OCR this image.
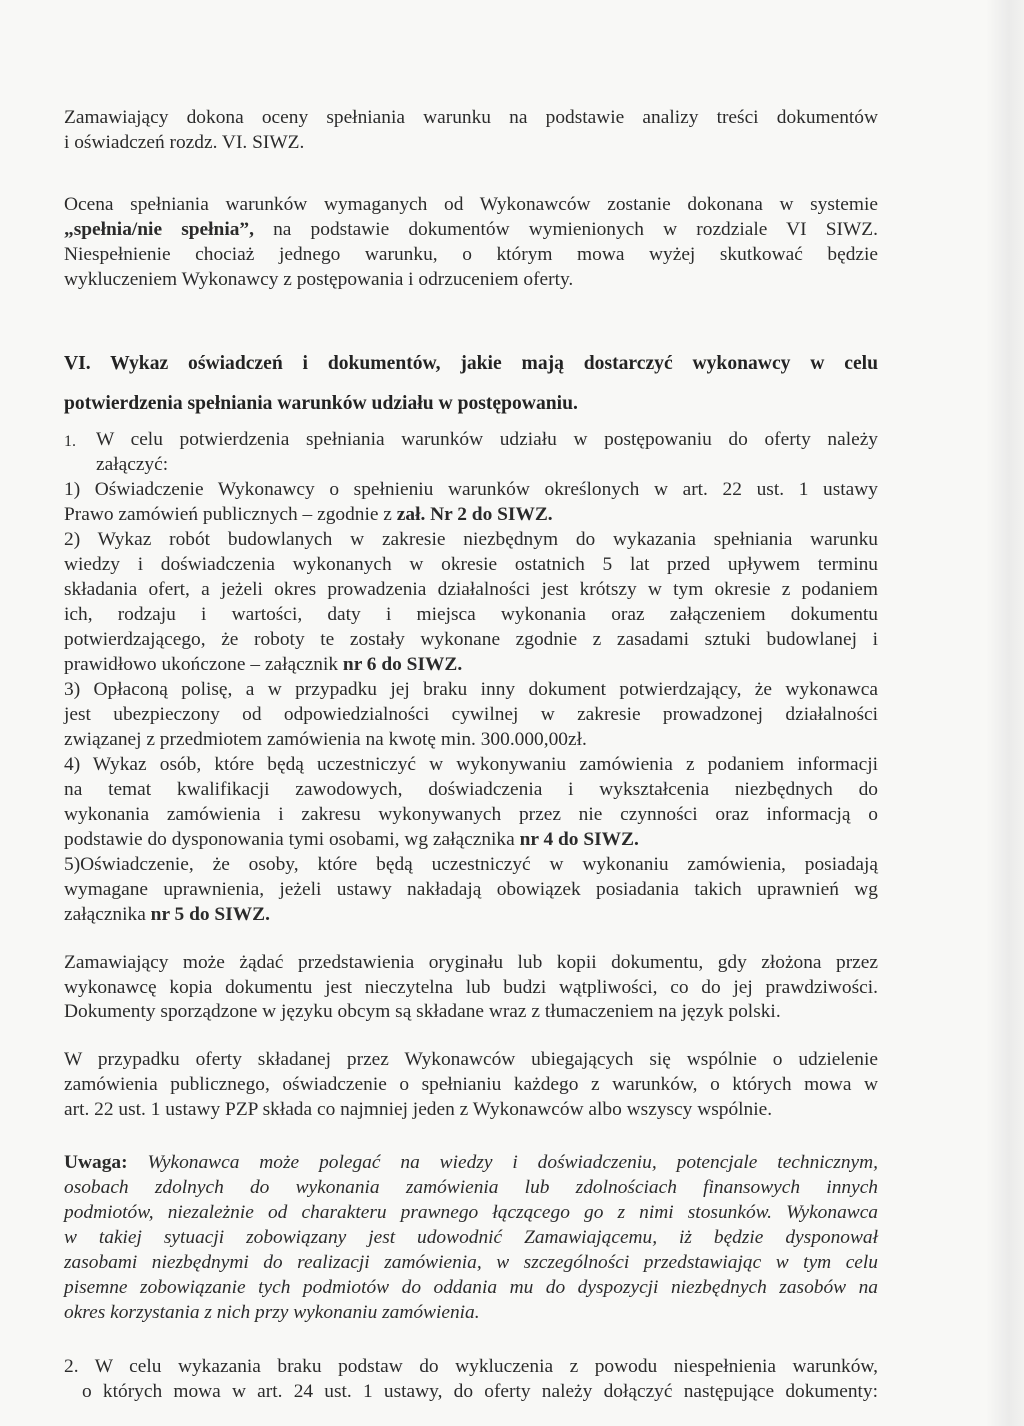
Zamawiający dokona oceny spełniania warunku na podstawie analizy treści dokumentów
i oświadczeń rozdz. VI. SIWZ.
Ocena spełniania warunków wymaganych od Wykonawców zostanie dokonana w systemie
„spełnia/nie spełnia”, na podstawie dokumentów wymienionych w rozdziale VI SIWZ.
Niespełnienie chociaż jednego warunku, o którym mowa wyżej skutkować będzie
wykluczeniem Wykonawcy z postępowania i odrzuceniem oferty.
VI. Wykaz oświadczeń i dokumentów, jakie mają dostarczyć wykonawcy w celu
potwierdzenia spełniania warunków udziału w postępowaniu.
1. W celu potwierdzenia spełniania warunków udziału w postępowaniu do oferty należy
załączyć:
1) Oświadczenie Wykonawcy o spełnieniu warunków określonych w art. 22 ust. 1 ustawy
Prawo zamówień publicznych – zgodnie z zał. Nr 2 do SIWZ.
2) Wykaz robót budowlanych w zakresie niezbędnym do wykazania spełniania warunku
wiedzy i doświadczenia wykonanych w okresie ostatnich 5 lat przed upływem terminu
składania ofert, a jeżeli okres prowadzenia działalności jest krótszy w tym okresie z podaniem
ich, rodzaju i wartości, daty i miejsca wykonania oraz załączeniem dokumentu
potwierdzającego, że roboty te zostały wykonane zgodnie z zasadami sztuki budowlanej i
prawidłowo ukończone – załącznik nr 6 do SIWZ.
3) Opłaconą polisę, a w przypadku jej braku inny dokument potwierdzający, że wykonawca
jest ubezpieczony od odpowiedzialności cywilnej w zakresie prowadzonej działalności
związanej z przedmiotem zamówienia na kwotę min. 300.000,00zł.
4) Wykaz osób, które będą uczestniczyć w wykonywaniu zamówienia z podaniem informacji
na temat kwalifikacji zawodowych, doświadczenia i wykształcenia niezbędnych do
wykonania zamówienia i zakresu wykonywanych przez nie czynności oraz informacją o
podstawie do dysponowania tymi osobami, wg załącznika nr 4 do SIWZ.
5)Oświadczenie, że osoby, które będą uczestniczyć w wykonaniu zamówienia, posiadają
wymagane uprawnienia, jeżeli ustawy nakładają obowiązek posiadania takich uprawnień wg
załącznika nr 5 do SIWZ.
Zamawiający może żądać przedstawienia oryginału lub kopii dokumentu, gdy złożona przez
wykonawcę kopia dokumentu jest nieczytelna lub budzi wątpliwości, co do jej prawdziwości.
Dokumenty sporządzone w języku obcym są składane wraz z tłumaczeniem na język polski.
W przypadku oferty składanej przez Wykonawców ubiegających się wspólnie o udzielenie
zamówienia publicznego, oświadczenie o spełnianiu każdego z warunków, o których mowa w
art. 22 ust. 1 ustawy PZP składa co najmniej jeden z Wykonawców albo wszyscy wspólnie.
Uwaga: Wykonawca może polegać na wiedzy i doświadczeniu, potencjale technicznym,
osobach zdolnych do wykonania zamówienia lub zdolnościach finansowych innych
podmiotów, niezależnie od charakteru prawnego łączącego go z nimi stosunków. Wykonawca
w takiej sytuacji zobowiązany jest udowodnić Zamawiającemu, iż będzie dysponował
zasobami niezbędnymi do realizacji zamówienia, w szczególności przedstawiając w tym celu
pisemne zobowiązanie tych podmiotów do oddania mu do dyspozycji niezbędnych zasobów na
okres korzystania z nich przy wykonaniu zamówienia.
2. W celu wykazania braku podstaw do wykluczenia z powodu niespełnienia warunków,
o których mowa w art. 24 ust. 1 ustawy, do oferty należy dołączyć następujące dokumenty:
